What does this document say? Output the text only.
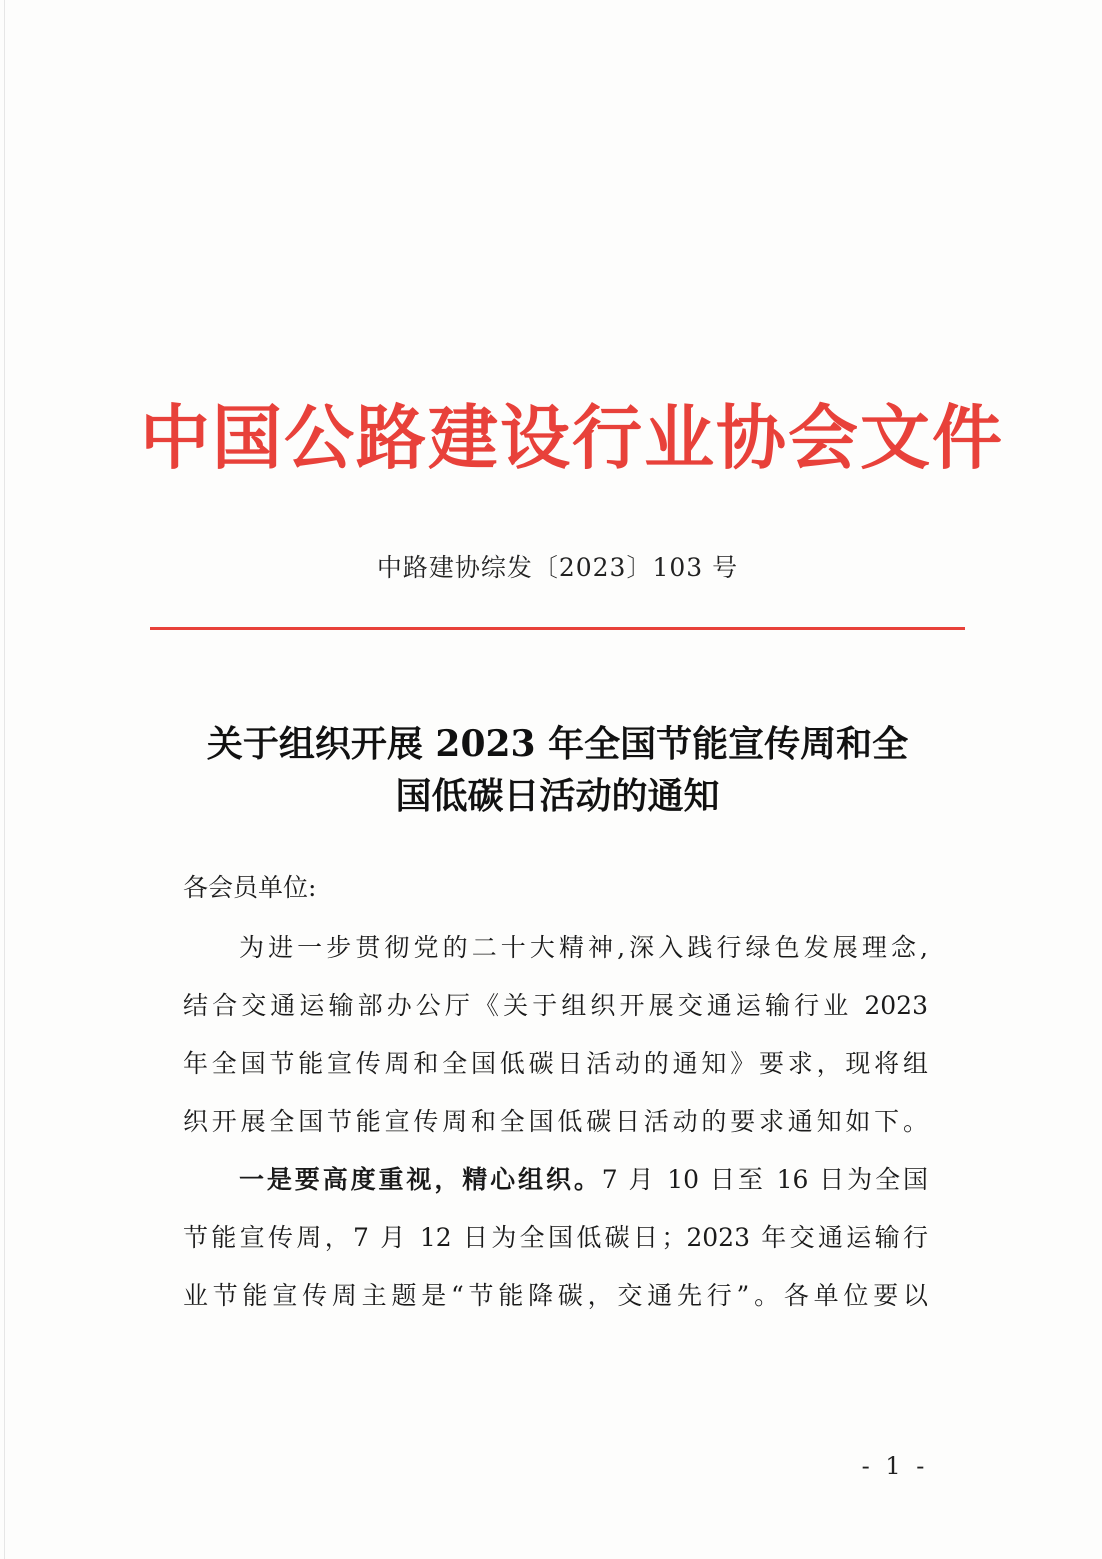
中国公路建设行业协会文件
中路建协综发〔2023〕103 号
关于组织开展 2023 年全国节能宣传周和全
国低碳日活动的通知
各会员单位:
为进一步贯彻党的二十大精神,深入践行绿色发展理念,
结合交通运输部办公厅《关于组织开展交通运输行业 2023
年全国节能宣传周和全国低碳日活动的通知》要求，现将组
织开展全国节能宣传周和全国低碳日活动的要求通知如下。
一是要高度重视，精心组织。7 月 10 日至 16 日为全国
节能宣传周，7 月 12 日为全国低碳日；2023 年交通运输行
业节能宣传周主题是“节能降碳，交通先行”。各单位要以
- 1 -
